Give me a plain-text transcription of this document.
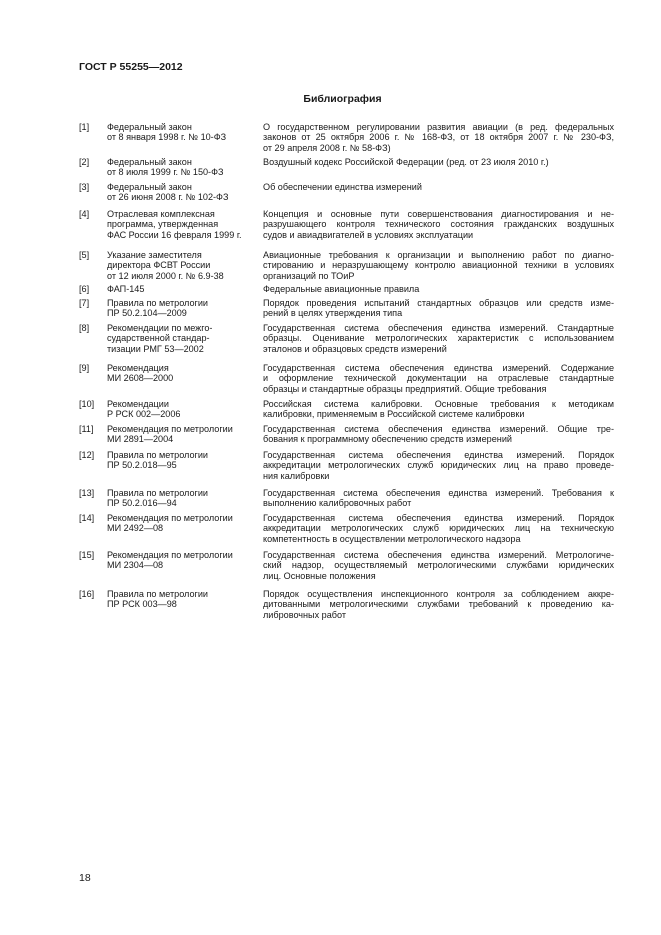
ГОСТ Р 55255—2012
Библиография
[1] Федеральный закон
от 8 января 1998 г. № 10-ФЗ
О государственном регулировании развития авиации (в ред. федеральных
законов от 25 октября 2006 г. № 168-ФЗ, от 18 октября 2007 г. № 230-ФЗ,
от 29 апреля 2008 г. № 58-ФЗ)
[2] Федеральный закон
от 8 июля 1999 г. № 150-ФЗ
Воздушный кодекс Российской Федерации (ред. от 23 июля 2010 г.)
[3] Федеральный закон
от 26 июня 2008 г. № 102-ФЗ
Об обеспечении единства измерений
[4] Отраслевая комплексная
программа, утвержденная
ФАС России 16 февраля 1999 г.
Концепция и основные пути совершенствования диагностирования и не-
разрушающего контроля технического состояния гражданских воздушных
судов и авиадвигателей в условиях эксплуатации
[5] Указание заместителя
директора ФСВТ России
от 12 июля 2000 г. № 6.9-38
Авиационные требования к организации и выполнению работ по диагно-
стированию и неразрушающему контролю авиационной техники в условиях
организаций по ТОиР
[6] ФАП-145	Федеральные авиационные правила
[7] Правила по метрологии
ПР 50.2.104—2009
Порядок проведения испытаний стандартных образцов или средств изме-
рений в целях утверждения типа
[8] Рекомендации по межго-
сударственной стандар-
тизации РМГ 53—2002
Государственная система обеспечения единства измерений. Стандартные
образцы. Оценивание метрологических характеристик с использованием
эталонов и образцовых средств измерений
[9] Рекомендация
МИ 2608—2000
Государственная система обеспечения единства измерений. Содержание
и оформление технической документации на отраслевые стандартные
образцы и стандартные образцы предприятий. Общие требования
[10] Рекомендации
Р РСК 002—2006
Российская система калибровки. Основные требования к методикам
калибровки, применяемым в Российской системе калибровки
[11] Рекомендация по метрологии
МИ 2891—2004
Государственная система обеспечения единства измерений. Общие тре-
бования к программному обеспечению средств измерений
[12] Правила по метрологии
ПР 50.2.018—95
Государственная система обеспечения единства измерений. Порядок
аккредитации метрологических служб юридических лиц на право проведе-
ния калибровки
[13] Правила по метрологии
ПР 50.2.016—94
Государственная система обеспечения единства измерений. Требования к
выполнению калибровочных работ
[14] Рекомендация по метрологии
МИ 2492—08
Государственная система обеспечения единства измерений. Порядок
аккредитации метрологических служб юридических лиц на техническую
компетентность в осуществлении метрологического надзора
[15] Рекомендация по метрологии
МИ 2304—08
Государственная система обеспечения единства измерений. Метрологиче-
ский надзор, осуществляемый метрологическими службами юридических
лиц. Основные положения
[16] Правила по метрологии
ПР РСК 003—98
Порядок осуществления инспекционного контроля за соблюдением аккре-
дитованными метрологическими службами требований к проведению ка-
либровочных работ
18
